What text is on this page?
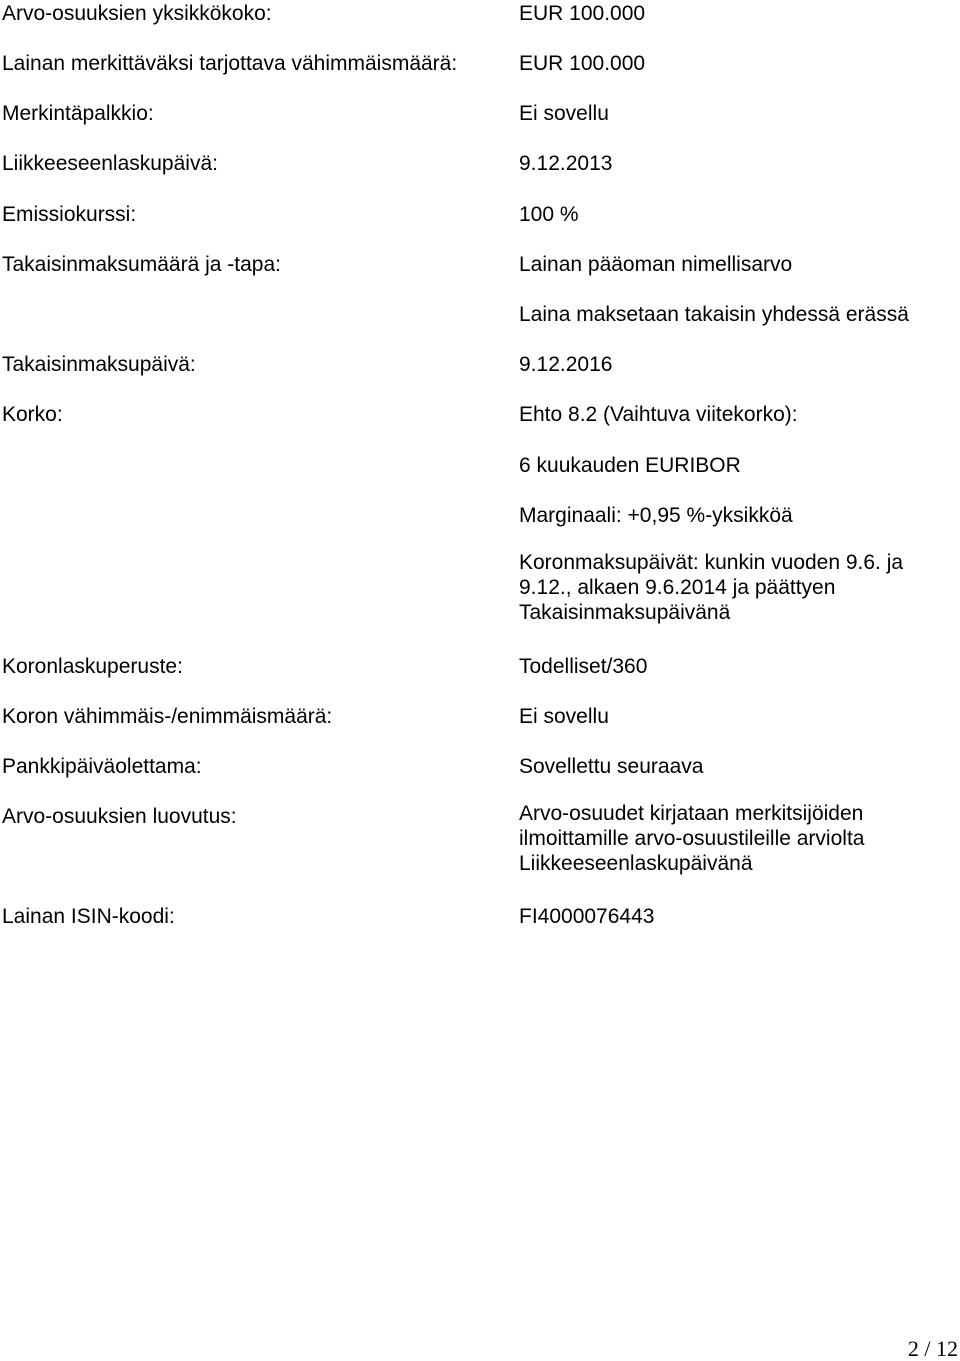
Arvo-osuuksien yksikkökoko:	EUR 100.000
Lainan merkittäväksi tarjottava vähimmäismäärä:	EUR 100.000
Merkintäpalkkio:	Ei sovellu
Liikkeeseenlaskupäivä:	9.12.2013
Emissiokurssi:	100 %
Takaisinmaksumäärä ja -tapa:	Lainan pääoman nimellisarvo
Laina maksetaan takaisin yhdessä erässä
Takaisinmaksupäivä:	9.12.2016
Korko:	Ehto 8.2 (Vaihtuva viitekorko):
6 kuukauden EURIBOR
Marginaali: +0,95 %-yksikköä
Koronmaksupäivät: kunkin vuoden 9.6. ja
9.12., alkaen 9.6.2014 ja päättyen
Takaisinmaksupäivänä
Koronlaskuperuste:	Todelliset/360
Koron vähimmäis-/enimmäismäärä:	Ei sovellu
Pankkipäiväolettama:	Sovellettu seuraava
Arvo-osuuksien luovutus:	Arvo-osuudet kirjataan merkitsijöiden
ilmoittamille arvo-osuustileille arviolta
Liikkeeseenlaskupäivänä
Lainan ISIN-koodi:	FI4000076443
2 / 12
